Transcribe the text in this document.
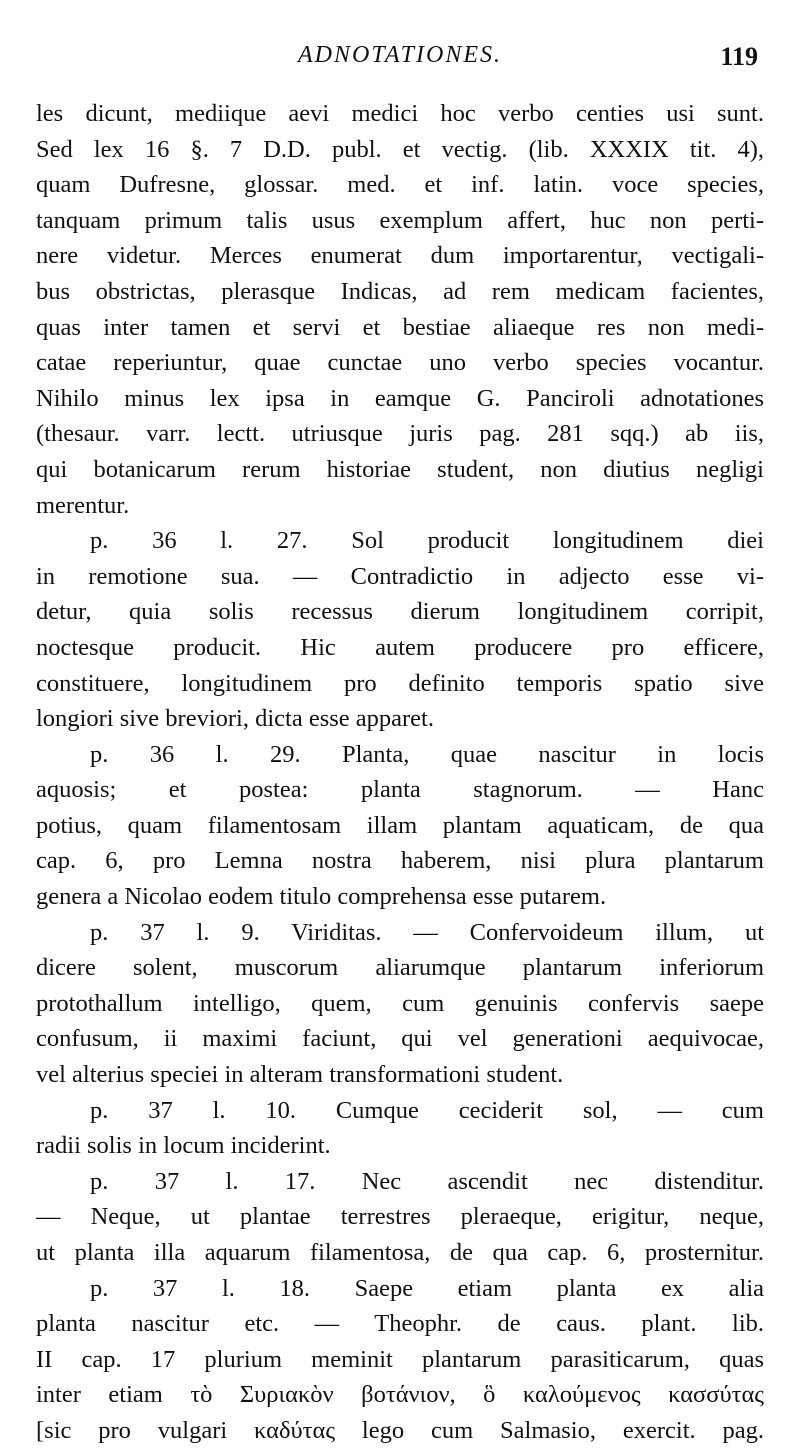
ADNOTATIONES.	119
les dicunt, mediique aevi medici hoc verbo centies usi sunt.
Sed lex 16 §. 7 D.D. publ. et vectig. (lib. XXXIX tit. 4),
quam Dufresne, glossar. med. et inf. latin. voce species,
tanquam primum talis usus exemplum affert, huc non perti-
nere videtur. Merces enumerat dum importarentur, vectigali-
bus obstrictas, plerasque Indicas, ad rem medicam facientes,
quas inter tamen et servi et bestiae aliaeque res non medi-
catae reperiuntur, quae cunctae uno verbo species vocantur.
Nihilo minus lex ipsa in eamque G. Panciroli adnotationes
(thesaur. varr. lectt. utriusque juris pag. 281 sqq.) ab iis,
qui botanicarum rerum historiae student, non diutius negligi
merentur.
p. 36 l. 27. Sol producit longitudinem diei
in remotione sua. — Contradictio in adjecto esse vi-
detur, quia solis recessus dierum longitudinem corripit,
noctesque producit. Hic autem producere pro efficere,
constituere, longitudinem pro definito temporis spatio sive
longiori sive breviori, dicta esse apparet.
p. 36 l. 29. Planta, quae nascitur in locis
aquosis; et postea: planta stagnorum. — Hanc
potius, quam filamentosam illam plantam aquaticam, de qua
cap. 6, pro Lemna nostra haberem, nisi plura plantarum
genera a Nicolao eodem titulo comprehensa esse putarem.
p. 37 l. 9. Viriditas. — Confervoideum illum, ut
dicere solent, muscorum aliarumque plantarum inferiorum
protothallum intelligo, quem, cum genuinis confervis saepe
confusum, ii maximi faciunt, qui vel generationi aequivocae,
vel alterius speciei in alteram transformationi student.
p. 37 l. 10. Cumque ceciderit sol, — cum
radii solis in locum inciderint.
p. 37 l. 17. Nec ascendit nec distenditur.
— Neque, ut plantae terrestres pleraeque, erigitur, neque,
ut planta illa aquarum filamentosa, de qua cap. 6, prosternitur.
p. 37 l. 18. Saepe etiam planta ex alia
planta nascitur etc. — Theophr. de caus. plant. lib.
II cap. 17 plurium meminit plantarum parasiticarum, quas
inter etiam τὸ Συριακὸν βοτάνιον, ὃ καλούμενος κασσύτας
[sic pro vulgari καδύτας lego cum Salmasio, exercit. pag.
